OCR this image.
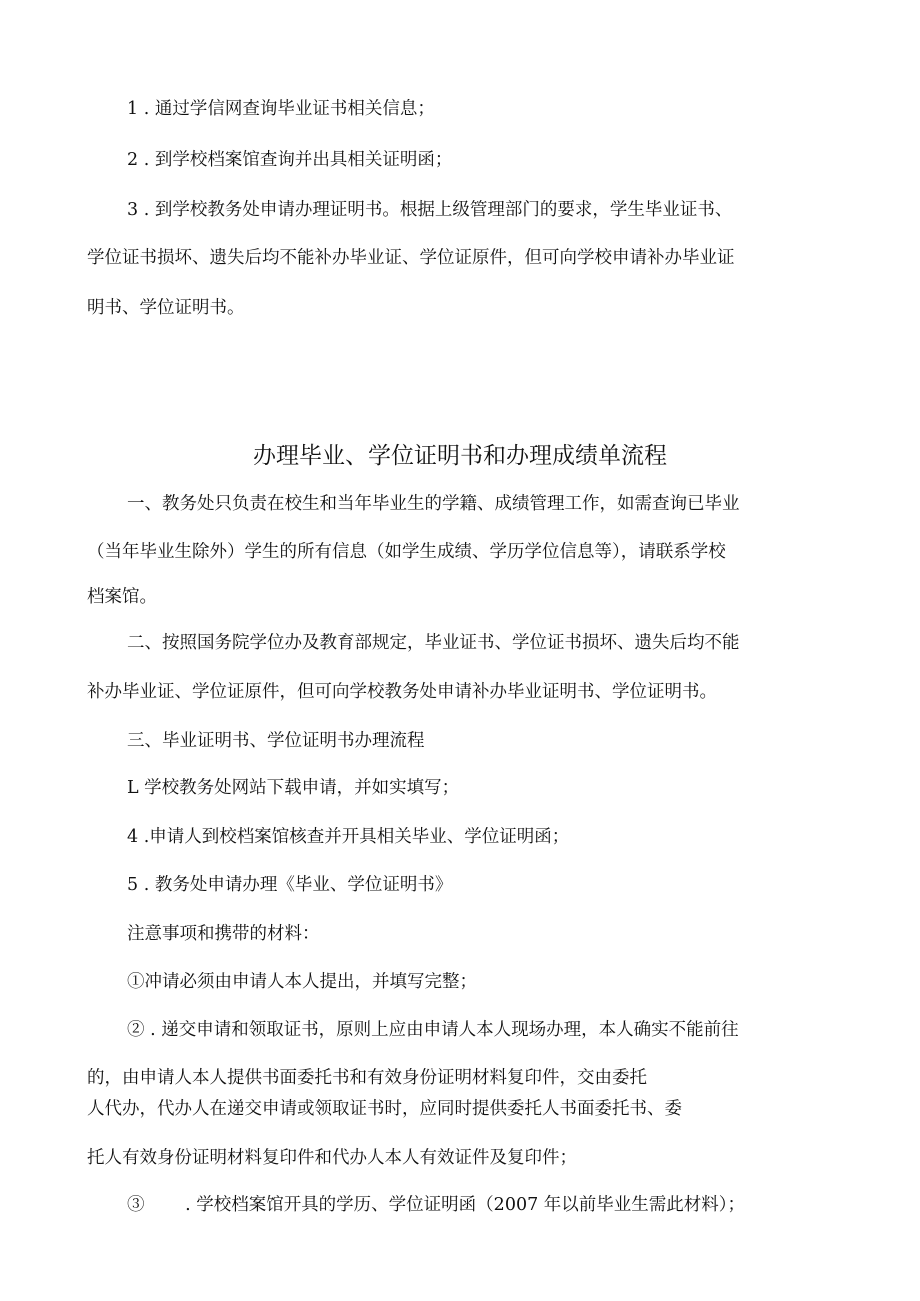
1 . 通过学信网查询毕业证书相关信息；
2 . 到学校档案馆查询并出具相关证明函；
3 . 到学校教务处申请办理证明书。根据上级管理部门的要求，学生毕业证书、
学位证书损坏、遗失后均不能补办毕业证、学位证原件，但可向学校申请补办毕业证
明书、学位证明书。
办理毕业、学位证明书和办理成绩单流程
一、教务处只负责在校生和当年毕业生的学籍、成绩管理工作，如需查询已毕业
（当年毕业生除外）学生的所有信息（如学生成绩、学历学位信息等），请联系学校
档案馆。
二、按照国务院学位办及教育部规定，毕业证书、学位证书损坏、遗失后均不能
补办毕业证、学位证原件，但可向学校教务处申请补办毕业证明书、学位证明书。
三、毕业证明书、学位证明书办理流程
L 学校教务处网站下载申请，并如实填写；
4 .申请人到校档案馆核查并开具相关毕业、学位证明函；
5 . 教务处申请办理《毕业、学位证明书》
注意事项和携带的材料：
①冲请必须由申请人本人提出，并填写完整；
② . 递交申请和领取证书，原则上应由申请人本人现场办理，本人确实不能前往
的，由申请人本人提供书面委托书和有效身份证明材料复印件，交由委托
人代办，代办人在递交申请或领取证书时，应同时提供委托人书面委托书、委
托人有效身份证明材料复印件和代办人本人有效证件及复印件；
③ 　　. 学校档案馆开具的学历、学位证明函（2007 年以前毕业生需此材料）；
